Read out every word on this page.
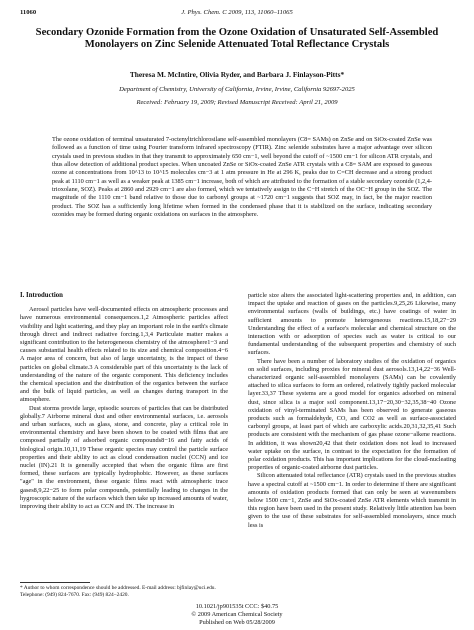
11060	J. Phys. Chem. C 2009, 113, 11060–11065
Secondary Ozonide Formation from the Ozone Oxidation of Unsaturated Self-Assembled Monolayers on Zinc Selenide Attenuated Total Reflectance Crystals
Theresa M. McIntire, Olivia Ryder, and Barbara J. Finlayson-Pitts*
Department of Chemistry, University of California, Irvine, Irvine, California 92697-2025
Received: February 19, 2009; Revised Manuscript Received: April 21, 2009
The ozone oxidation of terminal unsaturated 7-octenyltrichlorosilane self-assembled monolayers (C8= SAMs) on ZnSe and on SiOx-coated ZnSe was followed as a function of time using Fourier transform infrared spectroscopy (FTIR). Zinc selenide substrates have a major advantage over silicon crystals used in previous studies in that they transmit to approximately 650 cm−1, well beyond the cutoff of ~1500 cm−1 for silicon ATR crystals, and thus allow detection of additional product species. When uncoated ZnSe or SiOx-coated ZnSe ATR crystals with a C8= SAM are exposed to gaseous ozone at concentrations from 10^13 to 10^15 molecules cm−3 at 1 atm pressure in He at 296 K, peaks due to C=CH decrease and a strong product peak at 1110 cm−1 as well as a weaker peak at 1385 cm−1 increase, both of which are attributed to the formation of a stable secondary ozonide (1,2,4-trioxolane, SOZ). Peaks at 2860 and 2929 cm−1 are also formed, which we tentatively assign to the C−H stretch of the OC−H group in the SOZ. The magnitude of the 1110 cm−1 band relative to those due to carbonyl groups at ~1720 cm−1 suggests that SOZ may, in fact, be the major reaction product. The SOZ has a sufficiently long lifetime when formed in the condensed phase that it is stabilized on the surface, indicating secondary ozonides may be formed during organic oxidations on surfaces in the atmosphere.
I. Introduction

Aerosol particles have well-documented effects on atmospheric processes and have numerous environmental consequences.1,2 Atmospheric particles affect visibility and light scattering, and they play an important role in the earth's climate through direct and indirect radiative forcing.1,3,4 Particulate matter makes a significant contribution to the heterogeneous chemistry of the atmosphere1−3 and causes substantial health effects related to its size and chemical composition.4−6 A major area of concern, but also of large uncertainty, is the impact of these particles on global climate.3 A considerable part of this uncertainty is the lack of understanding of the nature of the organic component. This deficiency includes the chemical speciation and the distribution of the organics between the surface and the bulk of liquid particles, as well as changes during transport in the atmosphere.

Dust storms provide large, episodic sources of particles that can be distributed globally.7 Airborne mineral dust and other environmental surfaces, i.e. aerosols and urban surfaces, such as glass, stone, and concrete, play a critical role in environmental chemistry and have been shown to be coated with films that are composed partially of adsorbed organic compounds8−16 and fatty acids of biological origin.10,11,19 These organic species may control the particle surface properties and their ability to act as cloud condensation nuclei (CCN) and ice nuclei (IN).21 It is generally accepted that when the organic films are first formed, these surfaces are typically hydrophobic. However, as these surfaces "age" in the environment, these organic films react with atmospheric trace gases8,9,22−25 to form polar compounds, potentially leading to changes in the hygroscopic nature of the surfaces which then take up increased amounts of water, improving their ability to act as CCN and IN. The increase in

particle size alters the associated light-scattering properties and, in addition, can impact the uptake and reaction of gases on the particles.9,25,26 Likewise, many environmental surfaces (walls of buildings, etc.) have coatings of water in sufficient amounts to promote heterogeneous reactions.15,18,27−29 Understanding the effect of a surface's molecular and chemical structure on the interaction with or adsorption of species such as water is critical to our fundamental understanding of the subsequent properties and chemistry of such surfaces.

There have been a number of laboratory studies of the oxidation of organics on solid surfaces, including proxies for mineral dust aerosols.13,14,22−36 Well-characterized organic self-assembled monolayers (SAMs) can be covalently attached to silica surfaces to form an ordered, relatively tightly packed molecular layer.33,37 These systems are a good model for organics adsorbed on mineral dust, since silica is a major soil component.13,17−20,30−32,35,38−40 Ozone oxidation of vinyl-terminated SAMs has been observed to generate gaseous products such as formaldehyde, CO, and CO2 as well as surface-associated carbonyl groups, at least part of which are carboxylic acids.20,31,32,35,41 Such products are consistent with the mechanism of gas phase ozone−alkene reactions. In addition, it was shown20,42 that their oxidation does not lead to increased water uptake on the surface, in contrast to the expectation for the formation of polar oxidation products. This has important implications for the cloud-nucleating properties of organic-coated airborne dust particles.

Silicon attenuated total reflectance (ATR) crystals used in the previous studies have a spectral cutoff at ~1500 cm−1. In order to determine if there are significant amounts of oxidation products formed that can only be seen at wavenumbers below 1500 cm−1, ZnSe and SiOx-coated ZnSe ATR elements which transmit in this region have been used in the present study. Relatively little attention has been given to the use of these substrates for self-assembled monolayers, since much less is

* Author to whom correspondence should be addressed. E-mail address: bjfinlay@uci.edu. Telephone: (949) 824-7670. Fax: (949) 824−2420.
10.1021/jp901535t CCC: $40.75
© 2009 American Chemical Society
Published on Web 05/28/2009
